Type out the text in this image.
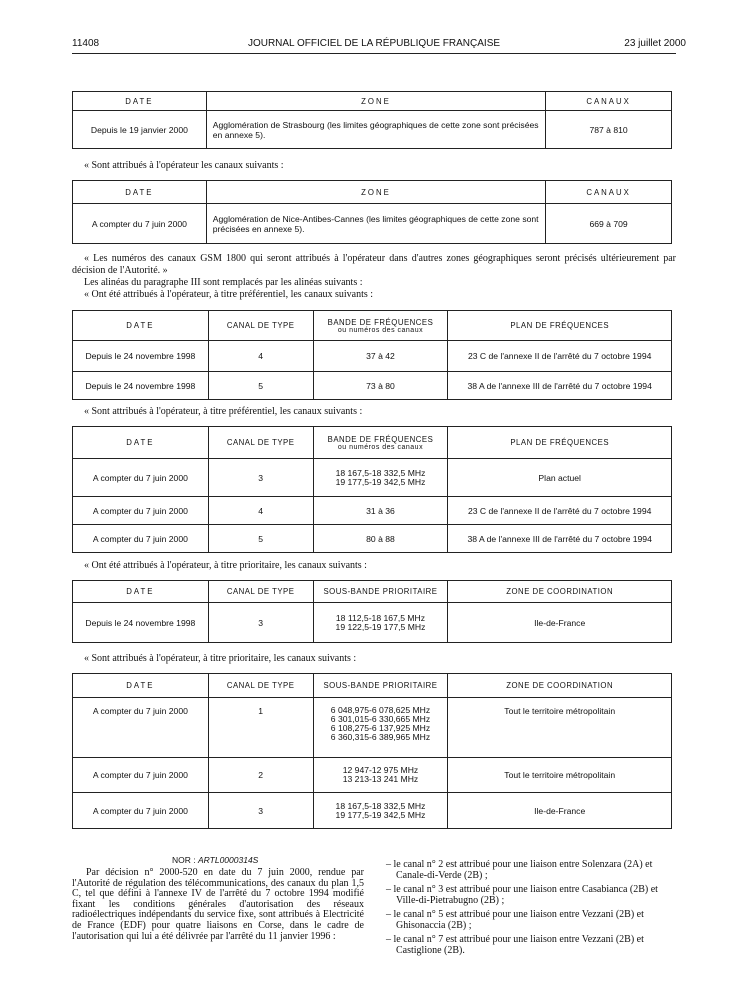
11408	JOURNAL OFFICIEL DE LA RÉPUBLIQUE FRANÇAISE	23 juillet 2000
DATE	ZONE	CANAUX
Depuis le 19 janvier 2000	Agglomération de Strasbourg (les limites géographiques de cette zone sont précisées en annexe 5).	787 à 810
« Sont attribués à l'opérateur les canaux suivants :
DATE	ZONE	CANAUX
A compter du 7 juin 2000	Agglomération de Nice-Antibes-Cannes (les limites géographiques de cette zone sont précisées en annexe 5).	669 à 709
« Les numéros des canaux GSM 1800 qui seront attribués à l'opérateur dans d'autres zones géographiques seront précisés ultérieurement par décision de l'Autorité. »
Les alinéas du paragraphe III sont remplacés par les alinéas suivants :
« Ont été attribués à l'opérateur, à titre préférentiel, les canaux suivants :
DATE	CANAL DE TYPE	BANDE DE FRÉQUENCES
ou numéros des canaux	PLAN DE FRÉQUENCES
Depuis le 24 novembre 1998	4	37 à 42	23 C de l'annexe II de l'arrêté du 7 octobre 1994
Depuis le 24 novembre 1998	5	73 à 80	38 A de l'annexe III de l'arrêté du 7 octobre 1994
« Sont attribués à l'opérateur, à titre préférentiel, les canaux suivants :
DATE	CANAL DE TYPE	BANDE DE FRÉQUENCES
ou numéros des canaux	PLAN DE FRÉQUENCES
A compter du 7 juin 2000	3	18 167,5-18 332,5 MHz
19 177,5-19 342,5 MHz	Plan actuel
A compter du 7 juin 2000	4	31 à 36	23 C de l'annexe II de l'arrêté du 7 octobre 1994
A compter du 7 juin 2000	5	80 à 88	38 A de l'annexe III de l'arrêté du 7 octobre 1994
« Ont été attribués à l'opérateur, à titre prioritaire, les canaux suivants :
DATE	CANAL DE TYPE	SOUS-BANDE PRIORITAIRE	ZONE DE COORDINATION
Depuis le 24 novembre 1998	3	18 112,5-18 167,5 MHz
19 122,5-19 177,5 MHz	Ile-de-France
« Sont attribués à l'opérateur, à titre prioritaire, les canaux suivants :
DATE	CANAL DE TYPE	SOUS-BANDE PRIORITAIRE	ZONE DE COORDINATION
A compter du 7 juin 2000	1	6 048,975-6 078,625 MHz
6 301,015-6 330,665 MHz
6 108,275-6 137,925 MHz
6 360,315-6 389,965 MHz	Tout le territoire métropolitain
A compter du 7 juin 2000	2	12 947-12 975 MHz
13 213-13 241 MHz	Tout le territoire métropolitain
A compter du 7 juin 2000	3	18 167,5-18 332,5 MHz
19 177,5-19 342,5 MHz	Ile-de-France
NOR : ARTL0000314S
Par décision n° 2000-520 en date du 7 juin 2000, rendue par l'Autorité de régulation des télécommunications, des canaux du plan 1,5 C, tel que défini à l'annexe IV de l'arrêté du 7 octobre 1994 modifié fixant les conditions générales d'autorisation des réseaux radioélectriques indépendants du service fixe, sont attribués à Electricité de France (EDF) pour quatre liaisons en Corse, dans le cadre de l'autorisation qui lui a été délivrée par l'arrêté du 11 janvier 1996 :
– le canal n° 2 est attribué pour une liaison entre Solenzara (2A) et Canale-di-Verde (2B) ;
– le canal n° 3 est attribué pour une liaison entre Casabianca (2B) et Ville-di-Pietrabugno (2B) ;
– le canal n° 5 est attribué pour une liaison entre Vezzani (2B) et Ghisonaccia (2B) ;
– le canal n° 7 est attribué pour une liaison entre Vezzani (2B) et Castiglione (2B).
